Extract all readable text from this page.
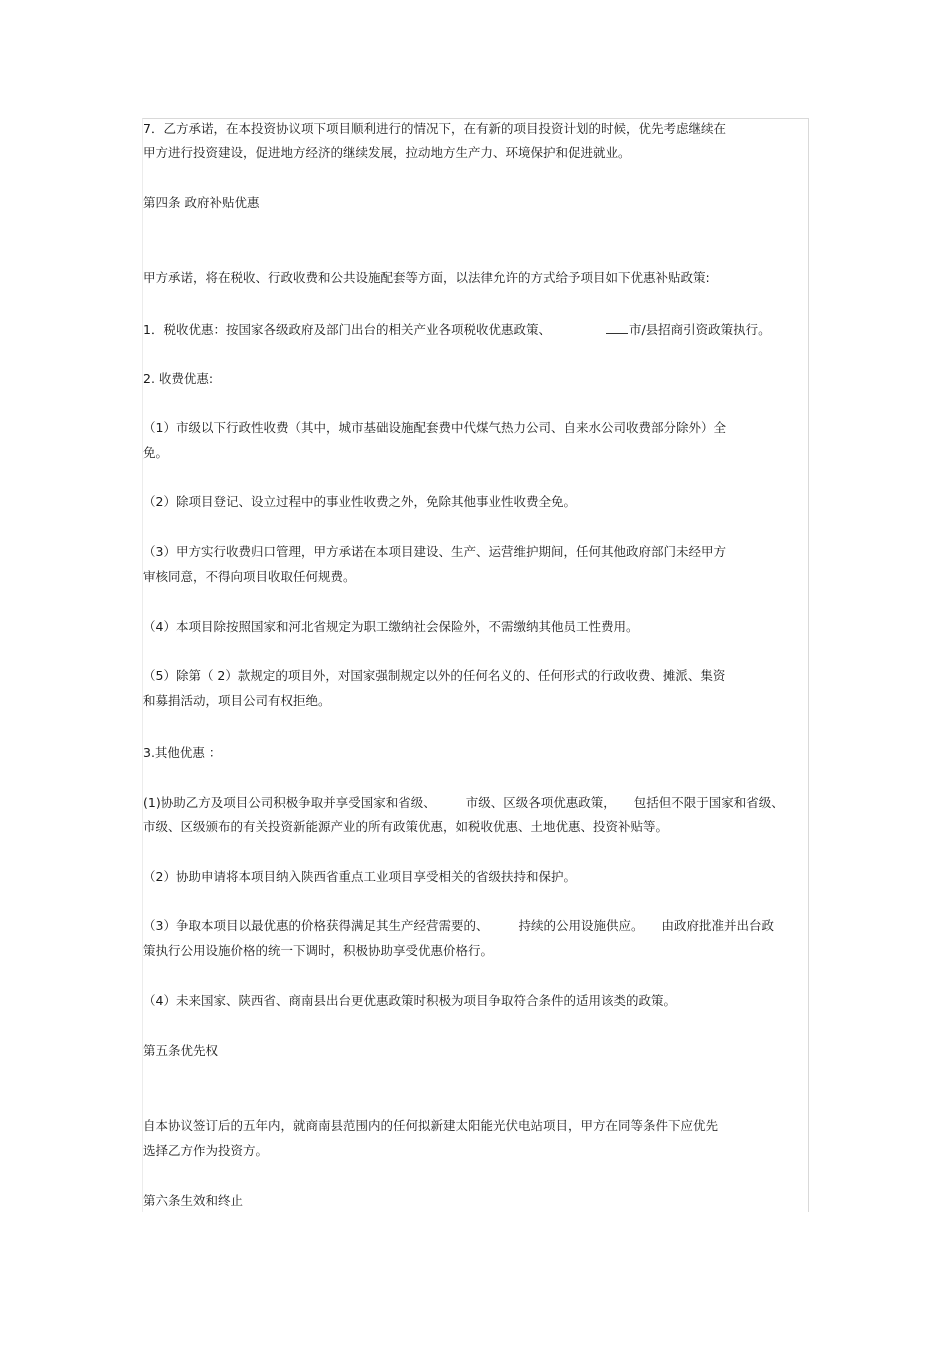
7．乙方承诺，在本投资协议项下项目顺利进行的情况下，在有新的项目投资计划的时候，优先考虑继续在
甲方进行投资建设，促进地方经济的继续发展，拉动地方生产力、环境保护和促进就业。
第四条 政府补贴优惠
甲方承诺，将在税收、行政收费和公共设施配套等方面，以法律允许的方式给予项目如下优惠补贴政策:
1．税收优惠：按国家各级政府及部门出台的相关产业各项税收优惠政策、	市/县招商引资政策执行。
2. 收费优惠:
（1）市级以下行政性收费（其中，城市基础设施配套费中代煤气热力公司、自来水公司收费部分除外）全
免。
（2）除项目登记、设立过程中的事业性收费之外，免除其他事业性收费全免。
（3）甲方实行收费归口管理，甲方承诺在本项目建设、生产、运营维护期间，任何其他政府部门未经甲方
审核同意，不得向项目收取任何规费。
（4）本项目除按照国家和河北省规定为职工缴纳社会保险外，不需缴纳其他员工性费用。
（5）除第（ 2）款规定的项目外，对国家强制规定以外的任何名义的、任何形式的行政收费、摊派、集资
和募捐活动，项目公司有权拒绝。
3.其他优惠 ：
(1)协助乙方及项目公司积极争取并享受国家和省级、 市级、区级各项优惠政策， 包括但不限于国家和省级、
市级、区级颁布的有关投资新能源产业的所有政策优惠，如税收优惠、土地优惠、投资补贴等。
（2）协助申请将本项目纳入陕西省重点工业项目享受相关的省级扶持和保护。
（3）争取本项目以最优惠的价格获得满足其生产经营需要的、 持续的公用设施供应。 由政府批准并出台政
策执行公用设施价格的统一下调时，积极协助享受优惠价格行。
（4）未来国家、陕西省、商南县出台更优惠政策时积极为项目争取符合条件的适用该类的政策。
第五条优先权
自本协议签订后的五年内，就商南县范围内的任何拟新建太阳能光伏电站项目，甲方在同等条件下应优先
选择乙方作为投资方。
第六条生效和终止
